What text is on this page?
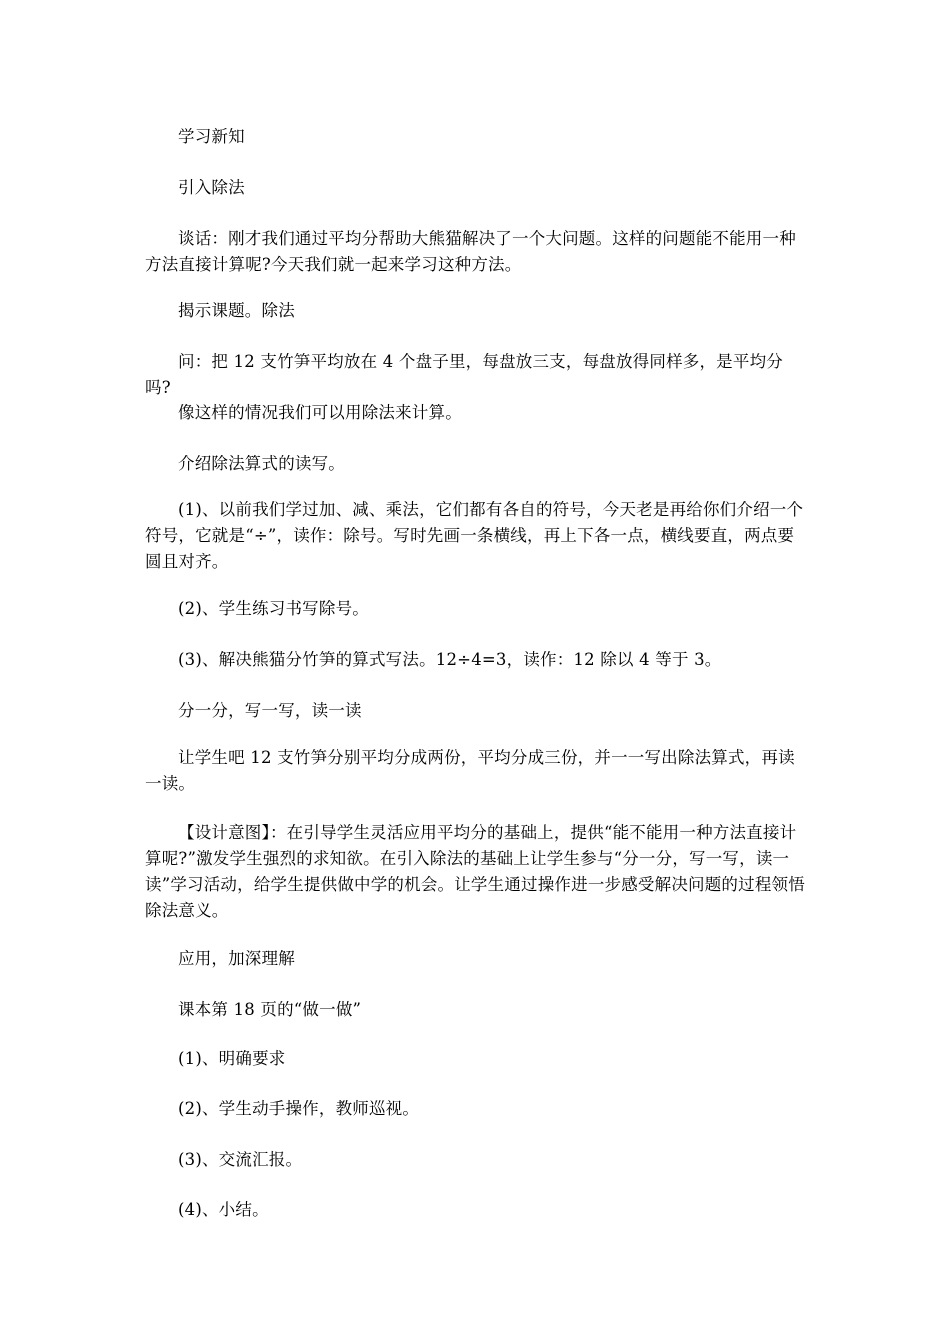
学习新知

引入除法

谈话：刚才我们通过平均分帮助大熊猫解决了一个大问题。这样的问题能不能用一种方法直接计算呢?今天我们就一起来学习这种方法。

揭示课题。除法

问：把 12 支竹笋平均放在 4 个盘子里，每盘放三支，每盘放得同样多，是平均分吗?

像这样的情况我们可以用除法来计算。

介绍除法算式的读写。

(1)、以前我们学过加、减、乘法，它们都有各自的符号，今天老是再给你们介绍一个符号，它就是“÷”，读作：除号。写时先画一条横线，再上下各一点，横线要直，两点要圆且对齐。

(2)、学生练习书写除号。

(3)、解决熊猫分竹笋的算式写法。12÷4=3，读作：12 除以 4 等于 3。

分一分，写一写，读一读

让学生吧 12 支竹笋分别平均分成两份，平均分成三份，并一一写出除法算式，再读一读。

【设计意图】：在引导学生灵活应用平均分的基础上，提供“能不能用一种方法直接计算呢?”激发学生强烈的求知欲。在引入除法的基础上让学生参与“分一分，写一写，读一读”学习活动，给学生提供做中学的机会。让学生通过操作进一步感受解决问题的过程领悟除法意义。

应用，加深理解

课本第 18 页的“做一做”

(1)、明确要求

(2)、学生动手操作，教师巡视。

(3)、交流汇报。

(4)、小结。
